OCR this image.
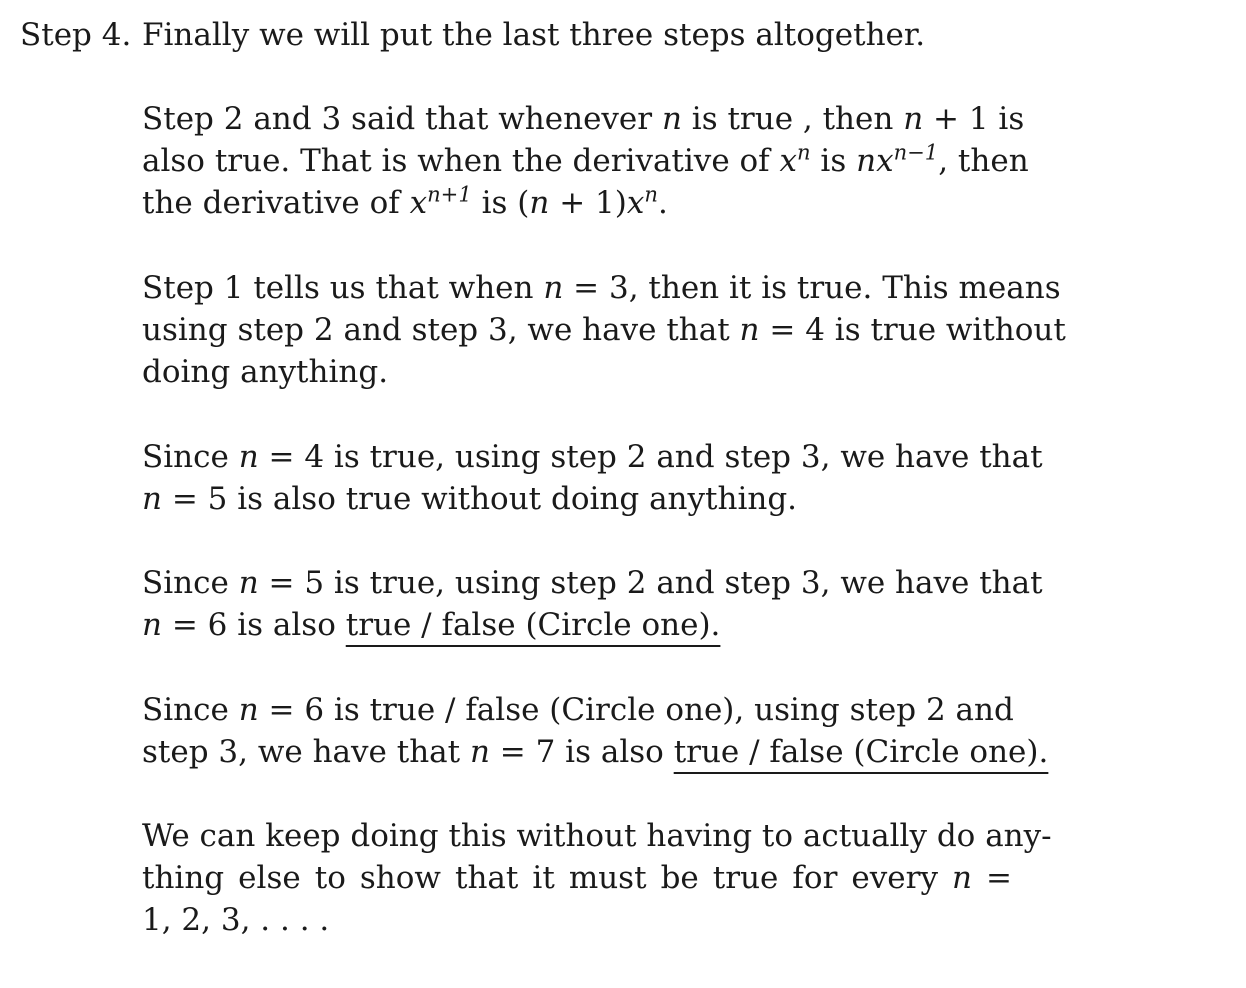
Step 4. Finally we will put the last three steps altogether.
Step 2 and 3 said that whenever n is true , then n + 1 is
also true. That is when the derivative of $x^n$ is $nx^{n-1}$, then
the derivative of $x^{n+1}$ is $(n + 1)x^n$.
Step 1 tells us that when n = 3, then it is true. This means
using step 2 and step 3, we have that n = 4 is true without
doing anything.
Since n = 4 is true, using step 2 and step 3, we have that
n = 5 is also true without doing anything.
Since n = 5 is true, using step 2 and step 3, we have that
n = 6 is also true / false (Circle one).
Since n = 6 is true / false (Circle one), using step 2 and
step 3, we have that n = 7 is also true / false (Circle one).
We can keep doing this without having to actually do any-
thing else to show that it must be true for every n =
1, 2, 3, . . . .
